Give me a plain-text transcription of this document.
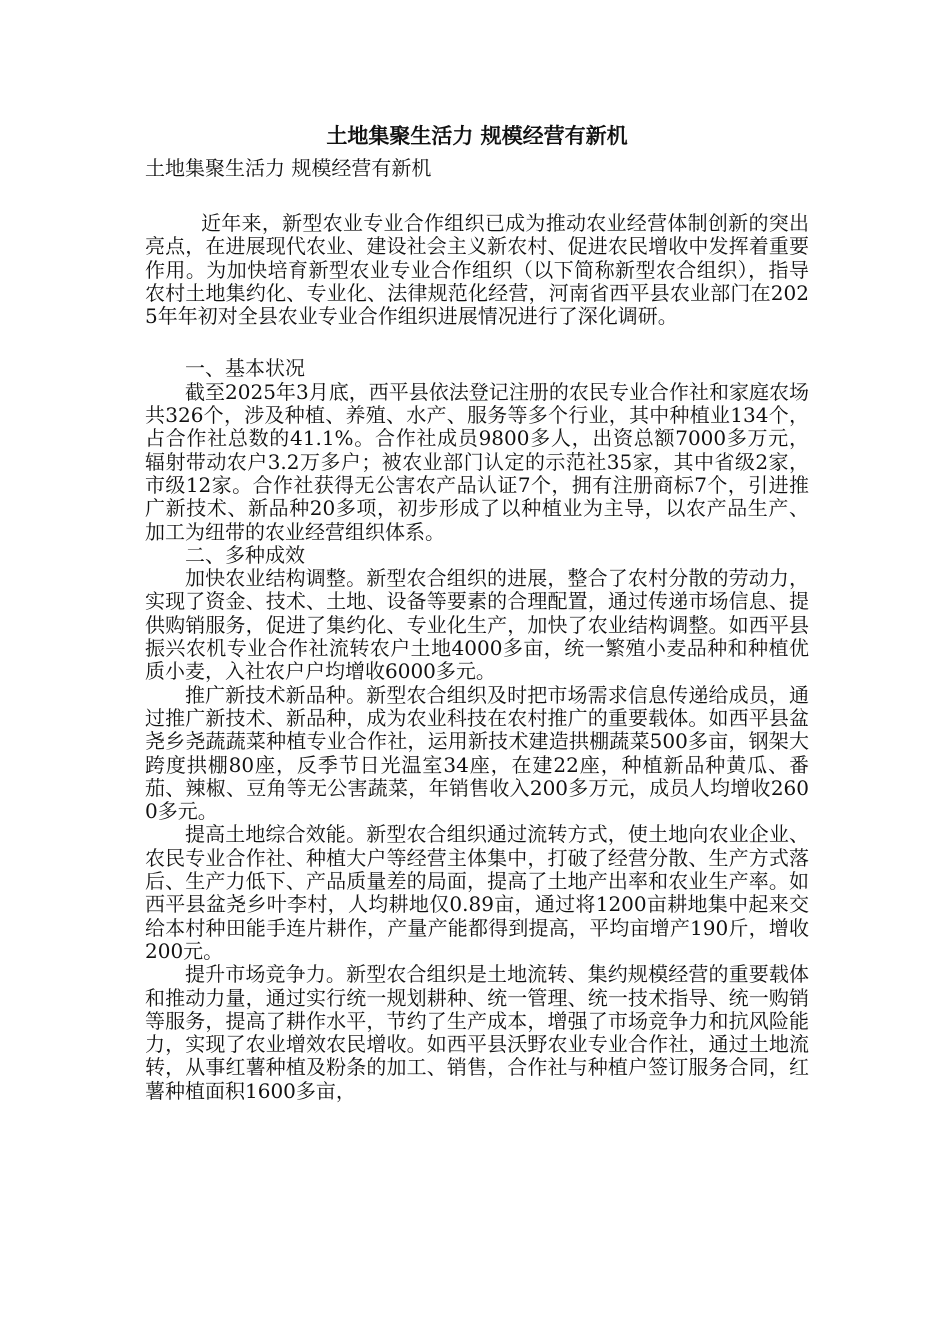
土地集聚生活力 规模经营有新机

土地集聚生活力 规模经营有新机

近年来，新型农业专业合作组织已成为推动农业经营体制创新的突出亮点，在进展现代农业、建设社会主义新农村、促进农民增收中发挥着重要作用。为加快培育新型农业专业合作组织（以下简称新型农合组织），指导农村土地集约化、专业化、法律规范化经营，河南省西平县农业部门在2025年年初对全县农业专业合作组织进展情况进行了深化调研。

一、基本状况

截至2025年3月底，西平县依法登记注册的农民专业合作社和家庭农场共326个，涉及种植、养殖、水产、服务等多个行业，其中种植业134个，占合作社总数的41.1%。合作社成员9800多人，出资总额7000多万元，辐射带动农户3.2万多户；被农业部门认定的示范社35家，其中省级2家，市级12家。合作社获得无公害农产品认证7个，拥有注册商标7个，引进推广新技术、新品种20多项，初步形成了以种植业为主导，以农产品生产、加工为纽带的农业经营组织体系。

二、多种成效

加快农业结构调整。新型农合组织的进展，整合了农村分散的劳动力，实现了资金、技术、土地、设备等要素的合理配置，通过传递市场信息、提供购销服务，促进了集约化、专业化生产，加快了农业结构调整。如西平县振兴农机专业合作社流转农户土地4000多亩，统一繁殖小麦品种和种植优质小麦，入社农户户均增收6000多元。

推广新技术新品种。新型农合组织及时把市场需求信息传递给成员，通过推广新技术、新品种，成为农业科技在农村推广的重要载体。如西平县盆尧乡尧蔬蔬菜种植专业合作社，运用新技术建造拱棚蔬菜500多亩，钢架大跨度拱棚80座，反季节日光温室34座，在建22座，种植新品种黄瓜、番茄、辣椒、豆角等无公害蔬菜，年销售收入200多万元，成员人均增收2600多元。

提高土地综合效能。新型农合组织通过流转方式，使土地向农业企业、农民专业合作社、种植大户等经营主体集中，打破了经营分散、生产方式落后、生产力低下、产品质量差的局面，提高了土地产出率和农业生产率。如西平县盆尧乡叶李村，人均耕地仅0.89亩，通过将1200亩耕地集中起来交给本村种田能手连片耕作，产量产能都得到提高，平均亩增产190斤，增收200元。

提升市场竞争力。新型农合组织是土地流转、集约规模经营的重要载体和推动力量，通过实行统一规划耕种、统一管理、统一技术指导、统一购销等服务，提高了耕作水平，节约了生产成本，增强了市场竞争力和抗风险能力，实现了农业增效农民增收。如西平县沃野农业专业合作社，通过土地流转，从事红薯种植及粉条的加工、销售，合作社与种植户签订服务合同，红薯种植面积1600多亩，
